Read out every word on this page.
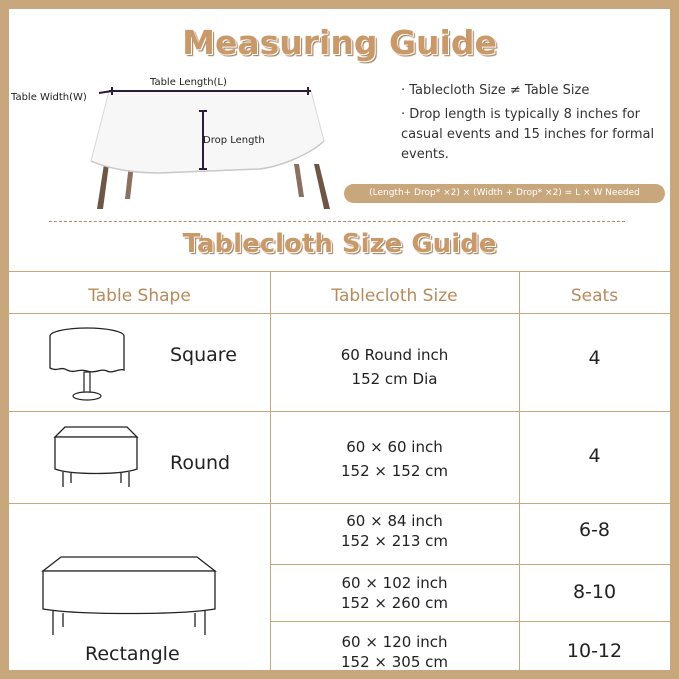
Measuring Guide
Table Width(W)
Table Length(L)
Drop Length
· Tablecloth Size ≠ Table Size
· Drop length is typically 8 inches for casual events and 15 inches for formal events.
(Length+ Drop* ×2) × (Width + Drop* ×2) = L × W Needed
Tablecloth Size Guide
Table Shape	Tablecloth Size	Seats
Square
Round
Rectangle
60 Round inch
152 cm Dia
60 × 60 inch
152 × 152 cm
60 × 84 inch
152 × 213 cm
60 × 102 inch
152 × 260 cm
60 × 120 inch
152 × 305 cm
4
4
6-8
8-10
10-12
